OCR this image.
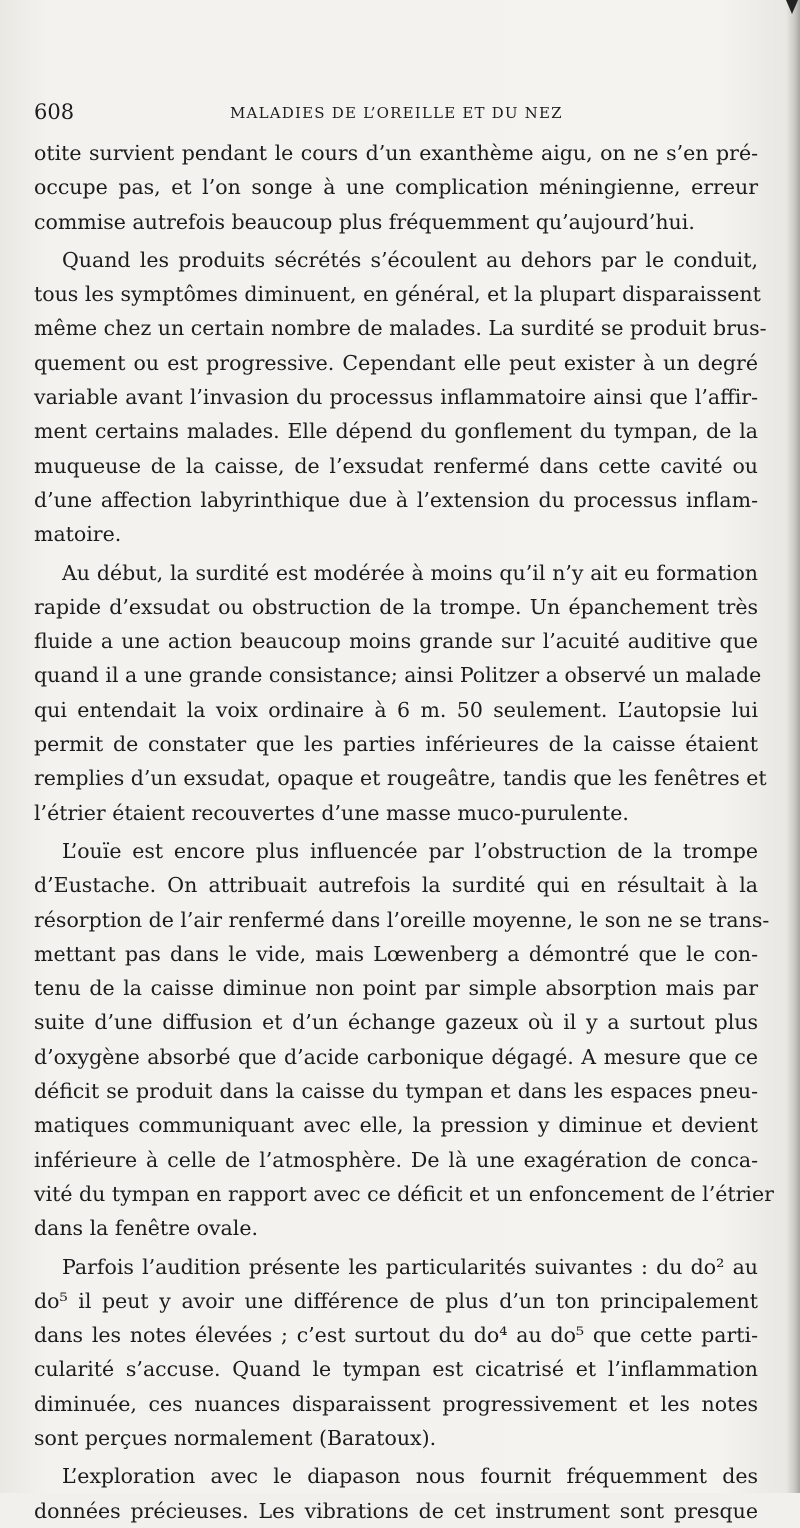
608	MALADIES DE L’OREILLE ET DU NEZ
otite survient pendant le cours d’un exanthème aigu, on ne s’en pré-
occupe pas, et l’on songe à une complication méningienne, erreur
commise autrefois beaucoup plus fréquemment qu’aujourd’hui.
Quand les produits sécrétés s’écoulent au dehors par le conduit,
tous les symptômes diminuent, en général, et la plupart disparaissent
même chez un certain nombre de malades. La surdité se produit brus-
quement ou est progressive. Cependant elle peut exister à un degré
variable avant l’invasion du processus inflammatoire ainsi que l’affir-
ment certains malades. Elle dépend du gonflement du tympan, de la
muqueuse de la caisse, de l’exsudat renfermé dans cette cavité ou
d’une affection labyrinthique due à l’extension du processus inflam-
matoire.
Au début, la surdité est modérée à moins qu’il n’y ait eu formation
rapide d’exsudat ou obstruction de la trompe. Un épanchement très
fluide a une action beaucoup moins grande sur l’acuité auditive que
quand il a une grande consistance; ainsi Politzer a observé un malade
qui entendait la voix ordinaire à 6 m. 50 seulement. L’autopsie lui
permit de constater que les parties inférieures de la caisse étaient
remplies d’un exsudat, opaque et rougeâtre, tandis que les fenêtres et
l’étrier étaient recouvertes d’une masse muco-purulente.
L’ouïe est encore plus influencée par l’obstruction de la trompe
d’Eustache. On attribuait autrefois la surdité qui en résultait à la
résorption de l’air renfermé dans l’oreille moyenne, le son ne se trans-
mettant pas dans le vide, mais Lœwenberg a démontré que le con-
tenu de la caisse diminue non point par simple absorption mais par
suite d’une diffusion et d’un échange gazeux où il y a surtout plus
d’oxygène absorbé que d’acide carbonique dégagé. A mesure que ce
déficit se produit dans la caisse du tympan et dans les espaces pneu-
matiques communiquant avec elle, la pression y diminue et devient
inférieure à celle de l’atmosphère. De là une exagération de conca-
vité du tympan en rapport avec ce déficit et un enfoncement de l’étrier
dans la fenêtre ovale.
Parfois l’audition présente les particularités suivantes : du do² au
do⁵ il peut y avoir une différence de plus d’un ton principalement
dans les notes élevées ; c’est surtout du do⁴ au do⁵ que cette parti-
cularité s’accuse. Quand le tympan est cicatrisé et l’inflammation
diminuée, ces nuances disparaissent progressivement et les notes
sont perçues normalement (Baratoux).
L’exploration avec le diapason nous fournit fréquemment des
données précieuses. Les vibrations de cet instrument sont presque
